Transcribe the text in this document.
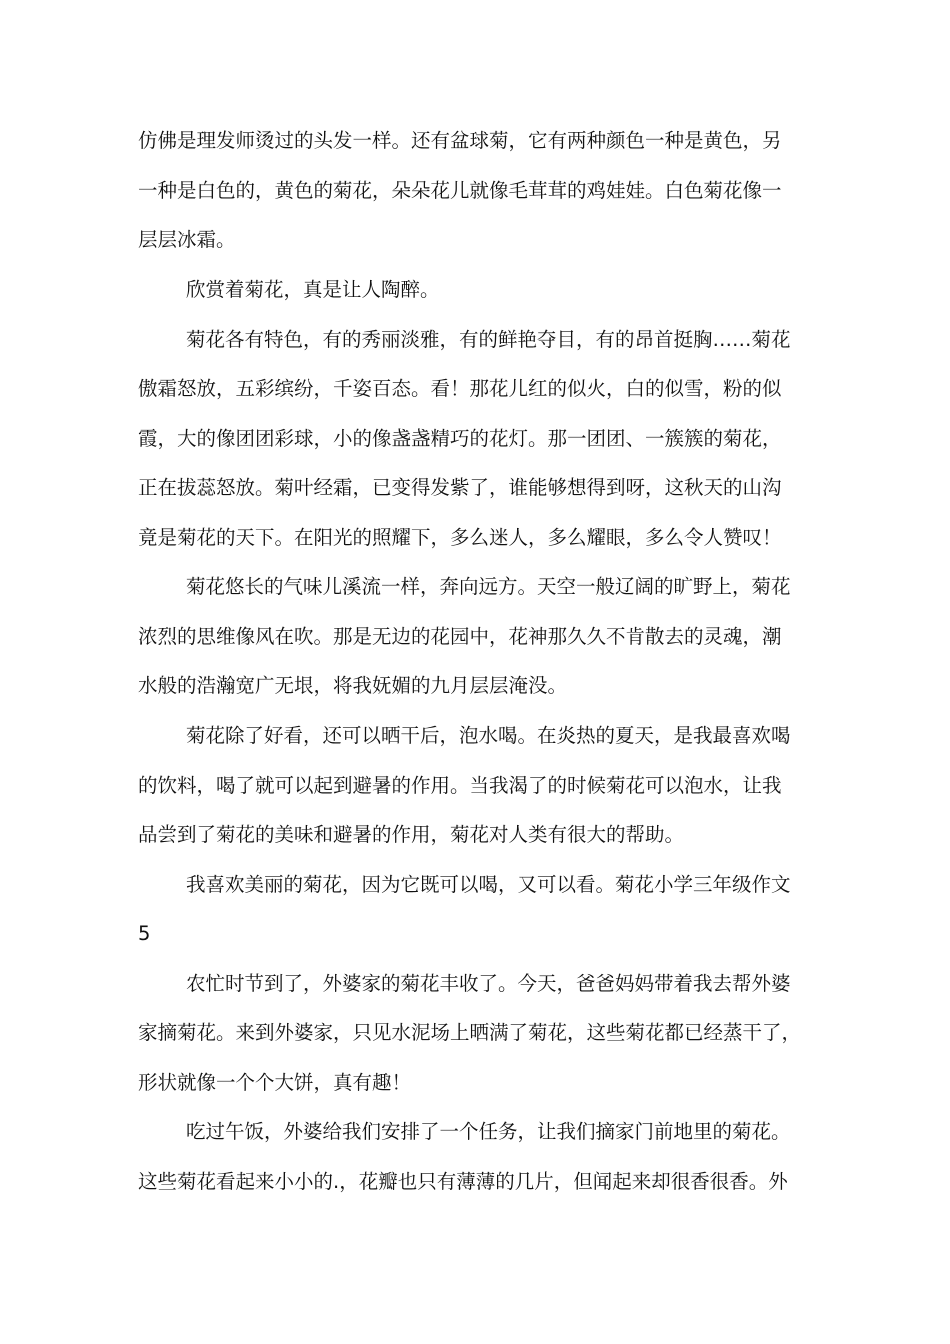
仿佛是理发师烫过的头发一样。还有盆球菊，它有两种颜色一种是黄色，另
一种是白色的，黄色的菊花，朵朵花儿就像毛茸茸的鸡娃娃。白色菊花像一
层层冰霜。
欣赏着菊花，真是让人陶醉。
菊花各有特色，有的秀丽淡雅，有的鲜艳夺目，有的昂首挺胸……菊花
傲霜怒放，五彩缤纷，千姿百态。看！那花儿红的似火，白的似雪，粉的似
霞，大的像团团彩球，小的像盏盏精巧的花灯。那一团团、一簇簇的菊花，
正在拔蕊怒放。菊叶经霜，已变得发紫了，谁能够想得到呀，这秋天的山沟
竟是菊花的天下。在阳光的照耀下，多么迷人，多么耀眼，多么令人赞叹！
菊花悠长的气味儿溪流一样，奔向远方。天空一般辽阔的旷野上，菊花
浓烈的思维像风在吹。那是无边的花园中，花神那久久不肯散去的灵魂，潮
水般的浩瀚宽广无垠，将我妩媚的九月层层淹没。
菊花除了好看，还可以晒干后，泡水喝。在炎热的夏天，是我最喜欢喝
的饮料，喝了就可以起到避暑的作用。当我渴了的时候菊花可以泡水，让我
品尝到了菊花的美味和避暑的作用，菊花对人类有很大的帮助。
我喜欢美丽的菊花，因为它既可以喝，又可以看。菊花小学三年级作文
5
农忙时节到了，外婆家的菊花丰收了。今天，爸爸妈妈带着我去帮外婆
家摘菊花。来到外婆家，只见水泥场上晒满了菊花，这些菊花都已经蒸干了，
形状就像一个个大饼，真有趣！
吃过午饭，外婆给我们安排了一个任务，让我们摘家门前地里的菊花。
这些菊花看起来小小的.，花瓣也只有薄薄的几片，但闻起来却很香很香。外
